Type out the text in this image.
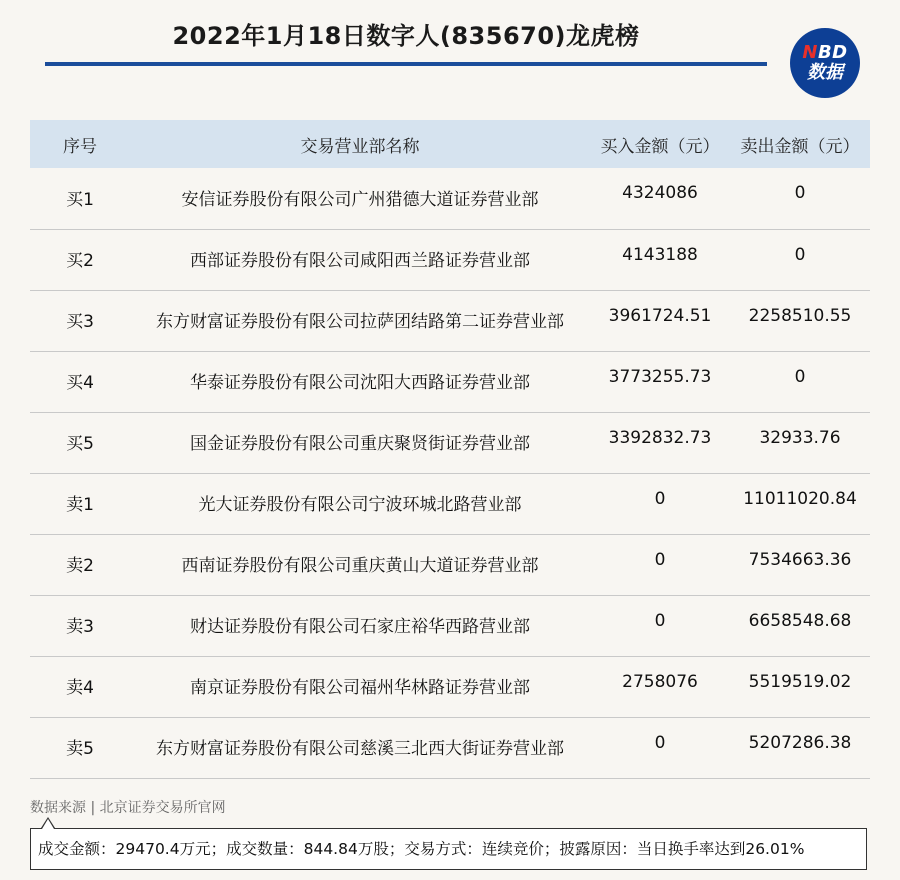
2022年1月18日数字人(835670)龙虎榜
NBD
数据
序号	交易营业部名称	买入金额（元）	卖出金额（元）
买1	安信证券股份有限公司广州猎德大道证券营业部	4324086	0
买2	西部证券股份有限公司咸阳西兰路证券营业部	4143188	0
买3	东方财富证券股份有限公司拉萨团结路第二证券营业部	3961724.51	2258510.55
买4	华泰证券股份有限公司沈阳大西路证券营业部	3773255.73	0
买5	国金证券股份有限公司重庆聚贤街证券营业部	3392832.73	32933.76
卖1	光大证券股份有限公司宁波环城北路营业部	0	11011020.84
卖2	西南证券股份有限公司重庆黄山大道证券营业部	0	7534663.36
卖3	财达证券股份有限公司石家庄裕华西路营业部	0	6658548.68
卖4	南京证券股份有限公司福州华林路证券营业部	2758076	5519519.02
卖5	东方财富证券股份有限公司慈溪三北西大街证券营业部	0	5207286.38
数据来源 | 北京证券交易所官网
成交金额：29470.4万元；成交数量：844.84万股；交易方式：连续竞价；披露原因：当日换手率达到26.01%
